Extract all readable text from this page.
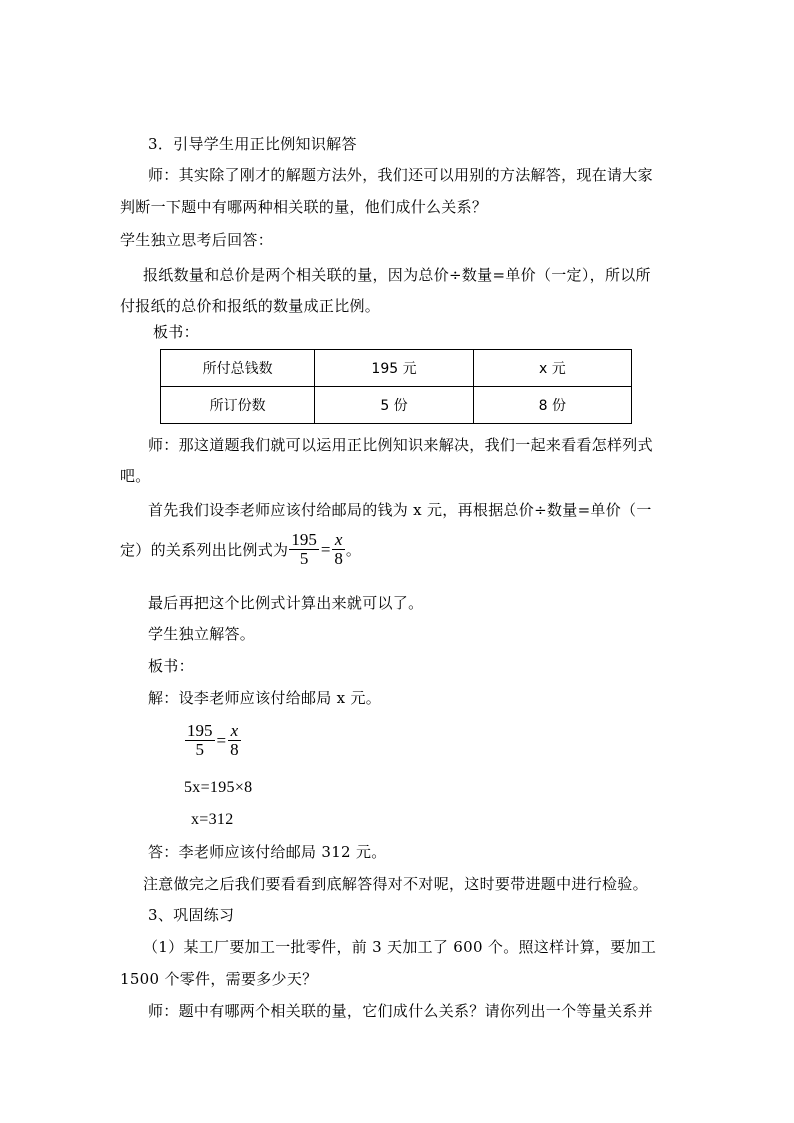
3．引导学生用正比例知识解答
师：其实除了刚才的解题方法外，我们还可以用别的方法解答，现在请大家
判断一下题中有哪两种相关联的量，他们成什么关系？
学生独立思考后回答：
报纸数量和总价是两个相关联的量，因为总价÷数量=单价（一定），所以所
付报纸的总价和报纸的数量成正比例。
板书：
所付总钱数	195 元	x 元
所订份数	5 份	8 份
师：那这道题我们就可以运用正比例知识来解决，我们一起来看看怎样列式
吧。
首先我们设李老师应该付给邮局的钱为 x 元，再根据总价÷数量=单价（一
定）的关系列出比例式为 $\frac{195}{5} = \frac{x}{8}$ 。
最后再把这个比例式计算出来就可以了。
学生独立解答。
板书：
解：设李老师应该付给邮局 x 元。
$\frac{195}{5} = \frac{x}{8}$
5x=195×8
x=312
答：李老师应该付给邮局 312 元。
注意做完之后我们要看看到底解答得对不对呢，这时要带进题中进行检验。
3、巩固练习
（1）某工厂要加工一批零件，前 3 天加工了 600 个。照这样计算，要加工
1500 个零件，需要多少天？
师：题中有哪两个相关联的量，它们成什么关系？请你列出一个等量关系并
